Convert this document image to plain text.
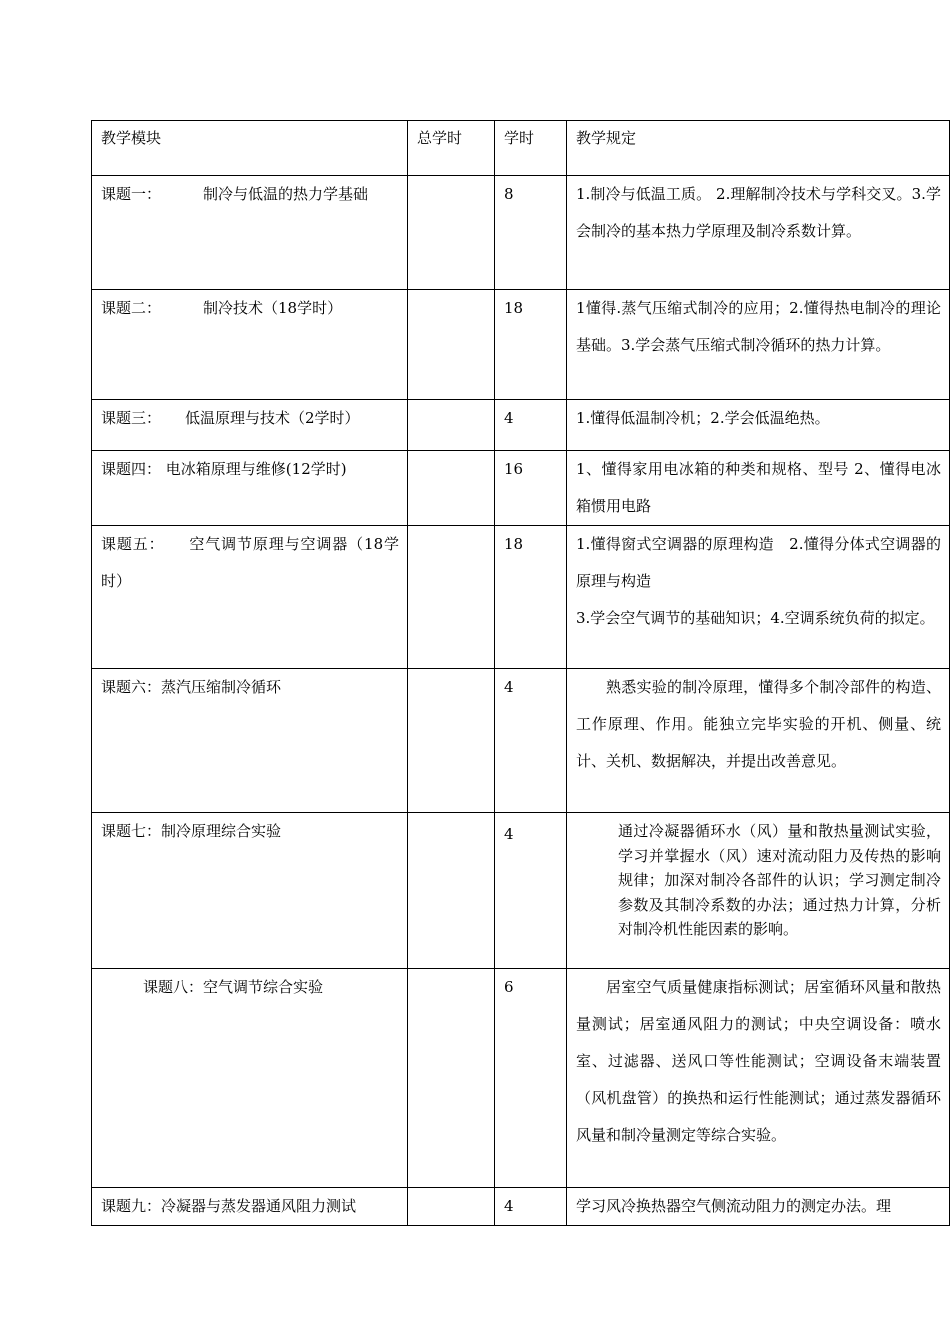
教学模块	总学时	学时	教学规定
课题一： 制冷与低温的热力学基础		8	1.制冷与低温工质。 2.理解制冷技术与学科交叉。3.学会制冷的基本热力学原理及制冷系数计算。
课题二： 制冷技术（18学时）		18	1懂得.蒸气压缩式制冷的应用；2.懂得热电制冷的理论基础。3.学会蒸气压缩式制冷循环的热力计算。
课题三： 低温原理与技术（2学时）		4	1.懂得低温制冷机；2.学会低温绝热。
课题四： 电冰箱原理与维修(12学时)		16	1、懂得家用电冰箱的种类和规格、型号 2、懂得电冰箱惯用电路
课题五： 空气调节原理与空调器（18学时）		18	1.懂得窗式空调器的原理构造　2.懂得分体式空调器的原理与构造
3.学会空气调节的基础知识；4.空调系统负荷的拟定。

课题六：蒸汽压缩制冷循环		4	熟悉实验的制冷原理，懂得多个制冷部件的构造、工作原理、作用。能独立完毕实验的开机、侧量、统计、关机、数据解决，并提出改善意见。
课题七：制冷原理综合实验		4	通过冷凝器循环水（风）量和散热量测试实验，学习并掌握水（风）速对流动阻力及传热的影响规律；加深对制冷各部件的认识；学习测定制冷参数及其制冷系数的办法；通过热力计算，分析对制冷机性能因素的影响。
课题八：空气调节综合实验		6	居室空气质量健康指标测试；居室循环风量和散热量测试；居室通风阻力的测试；中央空调设备：喷水室、过滤器、送风口等性能测试；空调设备末端装置（风机盘管）的换热和运行性能测试；通过蒸发器循环风量和制冷量测定等综合实验。
课题九：冷凝器与蒸发器通风阻力测试		4	学习风冷换热器空气侧流动阻力的测定办法。理
